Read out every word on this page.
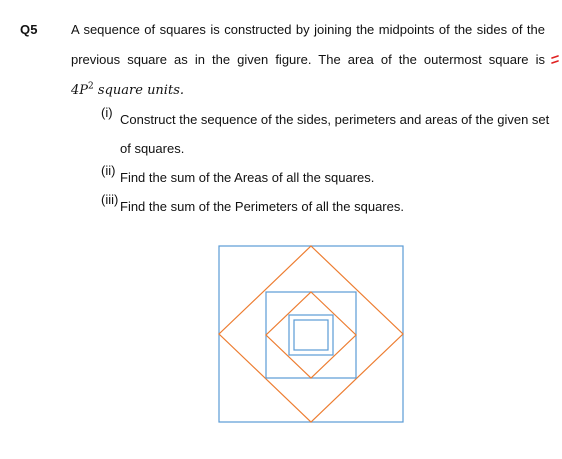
Q5	A sequence of squares is constructed by joining the midpoints of the sides of the
previous square as in the given figure. The area of the outermost square is
$4P^2$ square units.
(i) Construct the sequence of the sides, perimeters and areas of the given set
of squares.
(ii) Find the sum of the Areas of all the squares.
(iii) Find the sum of the Perimeters of all the squares.
